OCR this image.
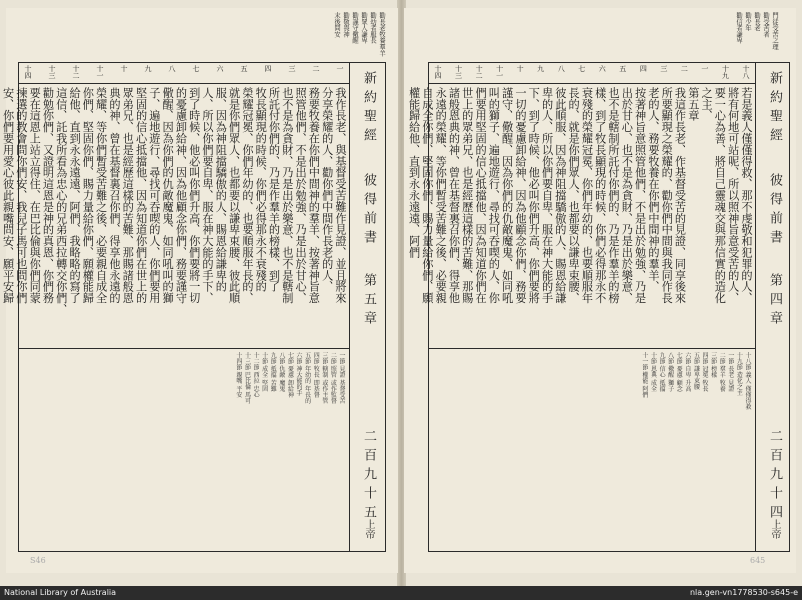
勸長老牧養羣羊
勸幼者服長
勸眾人謙卑
勸謹守儆醒
勸敬畏神
末後問安
新約聖經
彼得前書
第五章
二百九十五
上帝
一
二
三
四
五
六
七
八
九
十
十一
十二
十三
十四
我作長老、與基督受苦難作見證、並且將來
分享榮耀的人、勸你們中間作長老的人、
務要牧養在你們中間神的羣羊、按著神旨意
照管他們、不是出於勉強、乃是出於甘心、
也不是為貪財、乃是出於樂意、也不是轄制
所託付你們的、乃是作羣羊的榜樣、到了
牧長顯現的時候、你們必得那永不衰殘的
榮耀冠冕、你們年幼的、也要順服年長的、
就是你們眾人、也都要以謙卑束腰、彼此順
服、因為神阻擋驕傲的人、賜恩給謙卑的
人、所以你們要自卑、服在神大能的手下、
到了時候、他必叫你們升高、你們要將一切
的憂慮卸給神、因為他顧念你們、務要謹守
儆醒、因為你們的仇敵魔鬼、如同吼叫的獅
子、遍地遊行、尋找可吞喫的人、你們要用
堅固的信心抵擋他、因為知道你們在世上的
眾弟兄、也是經歷這樣的苦難、那賜諸般恩
典的神、曾在基督裏召你們、得享他永遠的
榮耀、等你們暫受苦難之後、必要親自成全
你們、堅固你們、賜力量給你們、願權能歸
給他、直到永永遠遠、阿們、我略略的寫了
這信、託我所看為忠心的兄弟西拉轉交你們、
勸勉你們、又證明這恩是神的真恩、你們務
要在這恩上站立得住、在巴比倫與你們同蒙
揀選的教會問你們安、我兒子馬可也問你們
安、你們要用愛心彼此親嘴問安、願平安歸
一節 見證 基督受苦
二節 照管 或作監督
三節 轄制 或作主管
四節 牧長 即基督
五節 年幼的 年長的
六節 神大能的手
七節 憂慮 卸給神
八節 仇敵 魔鬼
九節 抵擋 苦難
十節 成全 堅固
十二節 西拉 忠心
十三節 巴比倫 馬可
十四節 親嘴 平安
S46
門徒受苦之理
勸受苦者
勸長老
勸少年
勸信者謙卑
新約聖經
彼得前書
第四章
二百九十四
上帝
十八
十九
一
二
三
四
五
六
七
八
九
十
十一
十二
十三
十四
若是義人僅僅得救、那不虔敬和犯罪的人、
將有何地可站呢、所以照神旨意受苦的人、
要一心為善、將自己靈魂交與那信實的造化
之主、
第五章
我這作長老、作基督受苦的見證、同享後來
所要顯現之榮耀的、勸你們中間與我同作長
老的人、務要牧養在你們中間神的羣羊、
按著神旨意照管他們、不是出於勉強、乃是
出於甘心、也不是為貪財、乃是出於樂意、
也不是轄制所託付你們的、乃是作羣羊的榜
樣、到了牧長顯現的時候、你們必得那永不
衰殘的榮耀冠冕、你們年幼的、也要順服年
長的、就是你們眾人、也都要以謙卑束腰、
彼此順服、因為神阻擋驕傲的人、賜恩給謙
卑的人、所以你們要自卑、服在神大能的手
下、到了時候、他必叫你們升高、你們要將
一切的憂慮卸給神、因為他顧念你們、務要
謹守、儆醒、因為你們的仇敵魔鬼、如同吼
叫的獅子、遍地遊行、尋找可吞喫的人、你
們要用堅固的信心抵擋他、因為知道你們在
世上的眾弟兄、也是經歷這樣的苦難、那賜
諸般恩典的神、曾在基督裏召你們、得享他
永遠的榮耀、等你們暫受苦難之後、必要親
自成全你們、堅固你們、賜力量給你們、願
權能歸給他、直到永永遠遠、阿們
十八節 義人 僅僅得救
十九節 造化之主
一節 長老 見證
二節 羣羊 牧養
三節 榜樣
四節 冠冕 牧長
五節 謙卑束腰
六節 自卑 升高
七節 憂慮 顧念
八節 儆醒 獅子
九節 信心 抵擋
十節 恩典 成全
十一節 權能 阿們
645
National Library of Australia	nla.gen-vn1778530-s645-e
